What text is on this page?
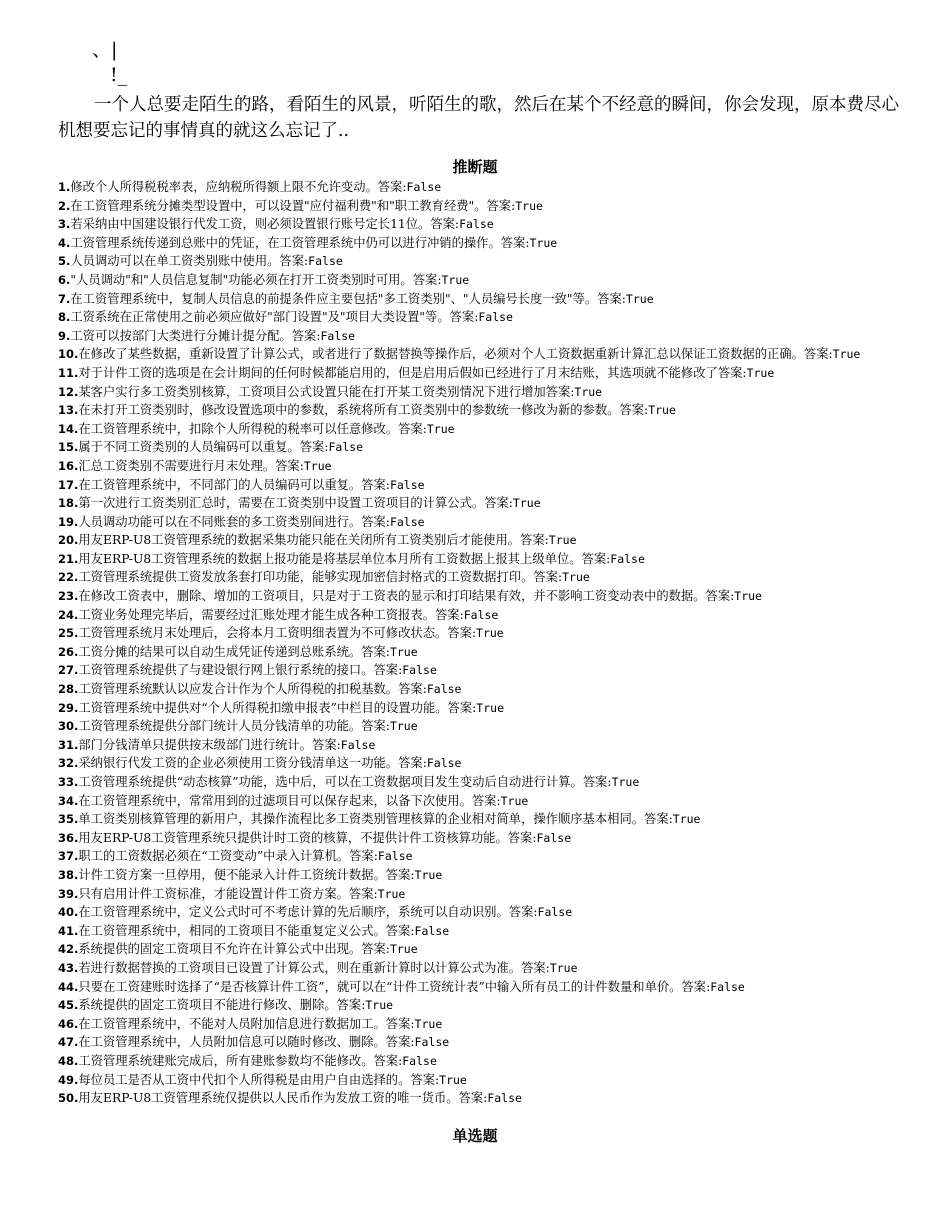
、|
!_

一个人总要走陌生的路，看陌生的风景，听陌生的歌，然后在某个不经意的瞬间，你会发现，原本费尽心机想要忘记的事情真的就这么忘记了..

推断题
1.修改个人所得税税率表，应纳税所得额上限不允许变动。答案:False
2.在工资管理系统分摊类型设置中，可以设置"应付福利费"和"职工教育经费"。答案:True
3.若采纳由中国建设银行代发工资，则必须设置银行账号定长11位。答案:False
4.工资管理系统传递到总账中的凭证，在工资管理系统中仍可以进行冲销的操作。答案:True
5.人员调动可以在单工资类别账中使用。答案:False
6."人员调动"和"人员信息复制"功能必须在打开工资类别时可用。答案:True
7.在工资管理系统中，复制人员信息的前提条件应主要包括"多工资类别"、"人员编号长度一致"等。答案:True
8.工资系统在正常使用之前必须应做好"部门设置"及"项目大类设置"等。答案:False
9.工资可以按部门大类进行分摊计提分配。答案:False
10.在修改了某些数据，重新设置了计算公式，或者进行了数据替换等操作后，必须对个人工资数据重新计算汇总以保证工资数据的正确。答案:True
11.对于计件工资的选项是在会计期间的任何时候都能启用的，但是启用后假如已经进行了月末结账，其选项就不能修改了答案:True
12.某客户实行多工资类别核算，工资项目公式设置只能在打开某工资类别情况下进行增加答案:True
13.在未打开工资类别时，修改设置选项中的参数，系统将所有工资类别中的参数统一修改为新的参数。答案:True
14.在工资管理系统中，扣除个人所得税的税率可以任意修改。答案:True
15.属于不同工资类别的人员编码可以重复。答案:False
16.汇总工资类别不需要进行月末处理。答案:True
17.在工资管理系统中，不同部门的人员编码可以重复。答案:False
18.第一次进行工资类别汇总时，需要在工资类别中设置工资项目的计算公式。答案:True
19.人员调动功能可以在不同账套的多工资类别间进行。答案:False
20.用友ERP-U8工资管理系统的数据采集功能只能在关闭所有工资类别后才能使用。答案:True
21.用友ERP-U8工资管理系统的数据上报功能是将基层单位本月所有工资数据上报其上级单位。答案:False
22.工资管理系统提供工资发放条套打印功能，能够实现加密信封格式的工资数据打印。答案:True
23.在修改工资表中，删除、增加的工资项目，只是对于工资表的显示和打印结果有效，并不影响工资变动表中的数据。答案:True
24.工资业务处理完毕后，需要经过汇账处理才能生成各种工资报表。答案:False
25.工资管理系统月末处理后，会将本月工资明细表置为不可修改状态。答案:True
26.工资分摊的结果可以自动生成凭证传递到总账系统。答案:True
27.工资管理系统提供了与建设银行网上银行系统的接口。答案:False
28.工资管理系统默认以应发合计作为个人所得税的扣税基数。答案:False
29.工资管理系统中提供对“个人所得税扣缴申报表”中栏目的设置功能。答案:True
30.工资管理系统提供分部门统计人员分钱清单的功能。答案:True
31.部门分钱清单只提供按末级部门进行统计。答案:False
32.采纳银行代发工资的企业必须使用工资分钱清单这一功能。答案:False
33.工资管理系统提供“动态核算”功能，选中后，可以在工资数据项目发生变动后自动进行计算。答案:True
34.在工资管理系统中，常常用到的过滤项目可以保存起来，以备下次使用。答案:True
35.单工资类别核算管理的新用户，其操作流程比多工资类别管理核算的企业相对简单，操作顺序基本相同。答案:True
36.用友ERP-U8工资管理系统只提供计时工资的核算，不提供计件工资核算功能。答案:False
37.职工的工资数据必须在“工资变动”中录入计算机。答案:False
38.计件工资方案一旦停用，便不能录入计件工资统计数据。答案:True
39.只有启用计件工资标准，才能设置计件工资方案。答案:True
40.在工资管理系统中，定义公式时可不考虑计算的先后顺序，系统可以自动识别。答案:False
41.在工资管理系统中，相同的工资项目不能重复定义公式。答案:False
42.系统提供的固定工资项目不允许在计算公式中出现。答案:True
43.若进行数据替换的工资项目已设置了计算公式，则在重新计算时以计算公式为准。答案:True
44.只要在工资建账时选择了“是否核算计件工资”，就可以在“计件工资统计表”中输入所有员工的计件数量和单价。答案:False
45.系统提供的固定工资项目不能进行修改、删除。答案:True
46.在工资管理系统中，不能对人员附加信息进行数据加工。答案:True
47.在工资管理系统中，人员附加信息可以随时修改、删除。答案:False
48.工资管理系统建账完成后，所有建账参数均不能修改。答案:False
49.每位员工是否从工资中代扣个人所得税是由用户自由选择的。答案:True
50.用友ERP-U8工资管理系统仅提供以人民币作为发放工资的唯一货币。答案:False
单选题
